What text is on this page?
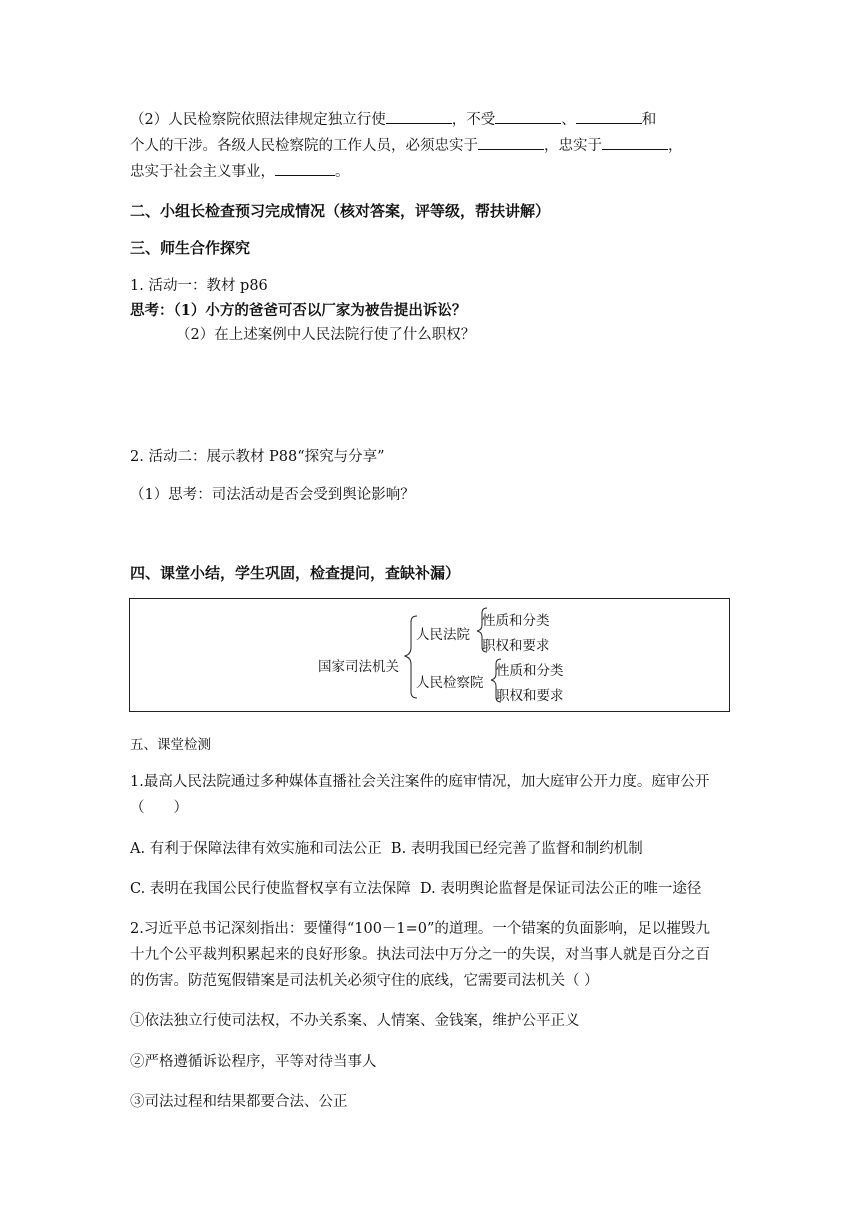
（2）人民检察院依照法律规定独立行使	，不受	、	和
个人的干涉。各级人民检察院的工作人员，必须忠实于	，忠实于	，
忠实于社会主义事业，	。
二、小组长检查预习完成情况（核对答案，评等级，帮扶讲解）
三、师生合作探究
1. 活动一：教材 p86
思考：（1）小方的爸爸可否以厂家为被告提出诉讼？
（2）在上述案例中人民法院行使了什么职权？
2. 活动二：展示教材 P88“探究与分享”
（1）思考：司法活动是否会受到舆论影响？
四、课堂小结，学生巩固，检查提问，查缺补漏）
国家司法机关
人民法院
人民检察院
性质和分类
职权和要求
性质和分类
职权和要求
五、课堂检测
1.最高人民法院通过多种媒体直播社会关注案件的庭审情况，加大庭审公开力度。庭审公开
（　　）
A. 有利于保障法律有效实施和司法公正 B. 表明我国已经完善了监督和制约机制
C. 表明在我国公民行使监督权享有立法保障 D. 表明舆论监督是保证司法公正的唯一途径
2.习近平总书记深刻指出：要懂得“100－1=0”的道理。一个错案的负面影响，足以摧毁九
十九个公平裁判积累起来的良好形象。执法司法中万分之一的失误，对当事人就是百分之百
的伤害。防范冤假错案是司法机关必须守住的底线，它需要司法机关（ ）
①依法独立行使司法权，不办关系案、人情案、金钱案，维护公平正义
②严格遵循诉讼程序，平等对待当事人
③司法过程和结果都要合法、公正
